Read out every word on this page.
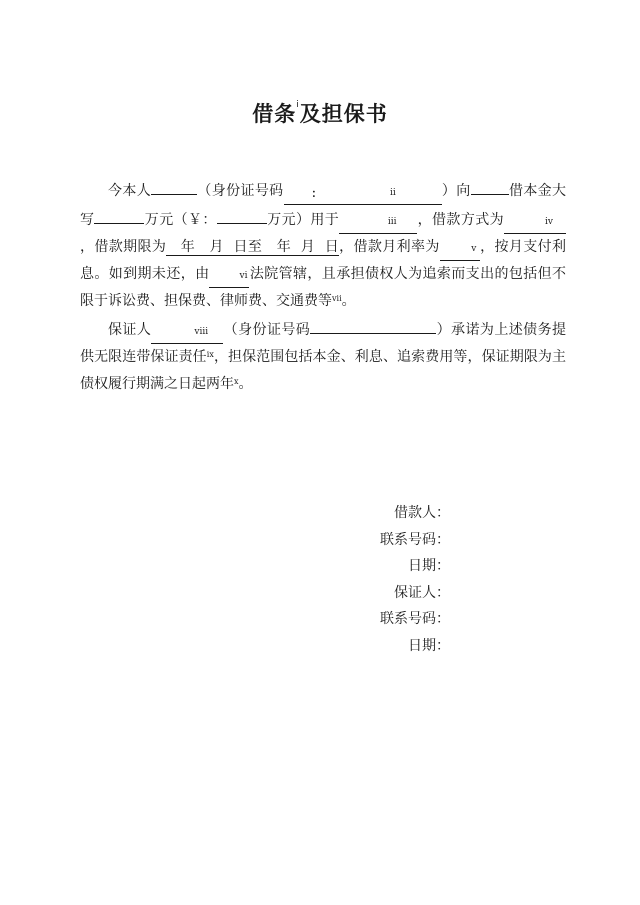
借条$^i$及担保书

今本人	（身份证号码	:	ii	）向	借本金大写	万元（￥：	万元）用于	iii ，借款方式为	iv，借款期限为   年   月  日至   年  月  日，借款月利率为	v ，按月支付利息。如到期未还，由	vi 法院管辖，且承担债权人为追索而支出的包括但不限于诉讼费、担保费、律师费、交通费等$^{vii}$。

保证人	viii （身份证号码	）承诺为上述债务提供无限连带保证责任$^{ix}$，担保范围包括本金、利息、追索费用等，保证期限为主债权履行期满之日起两年$^x$。

借款人：
联系号码：
日期：
保证人：
联系号码：
日期：
